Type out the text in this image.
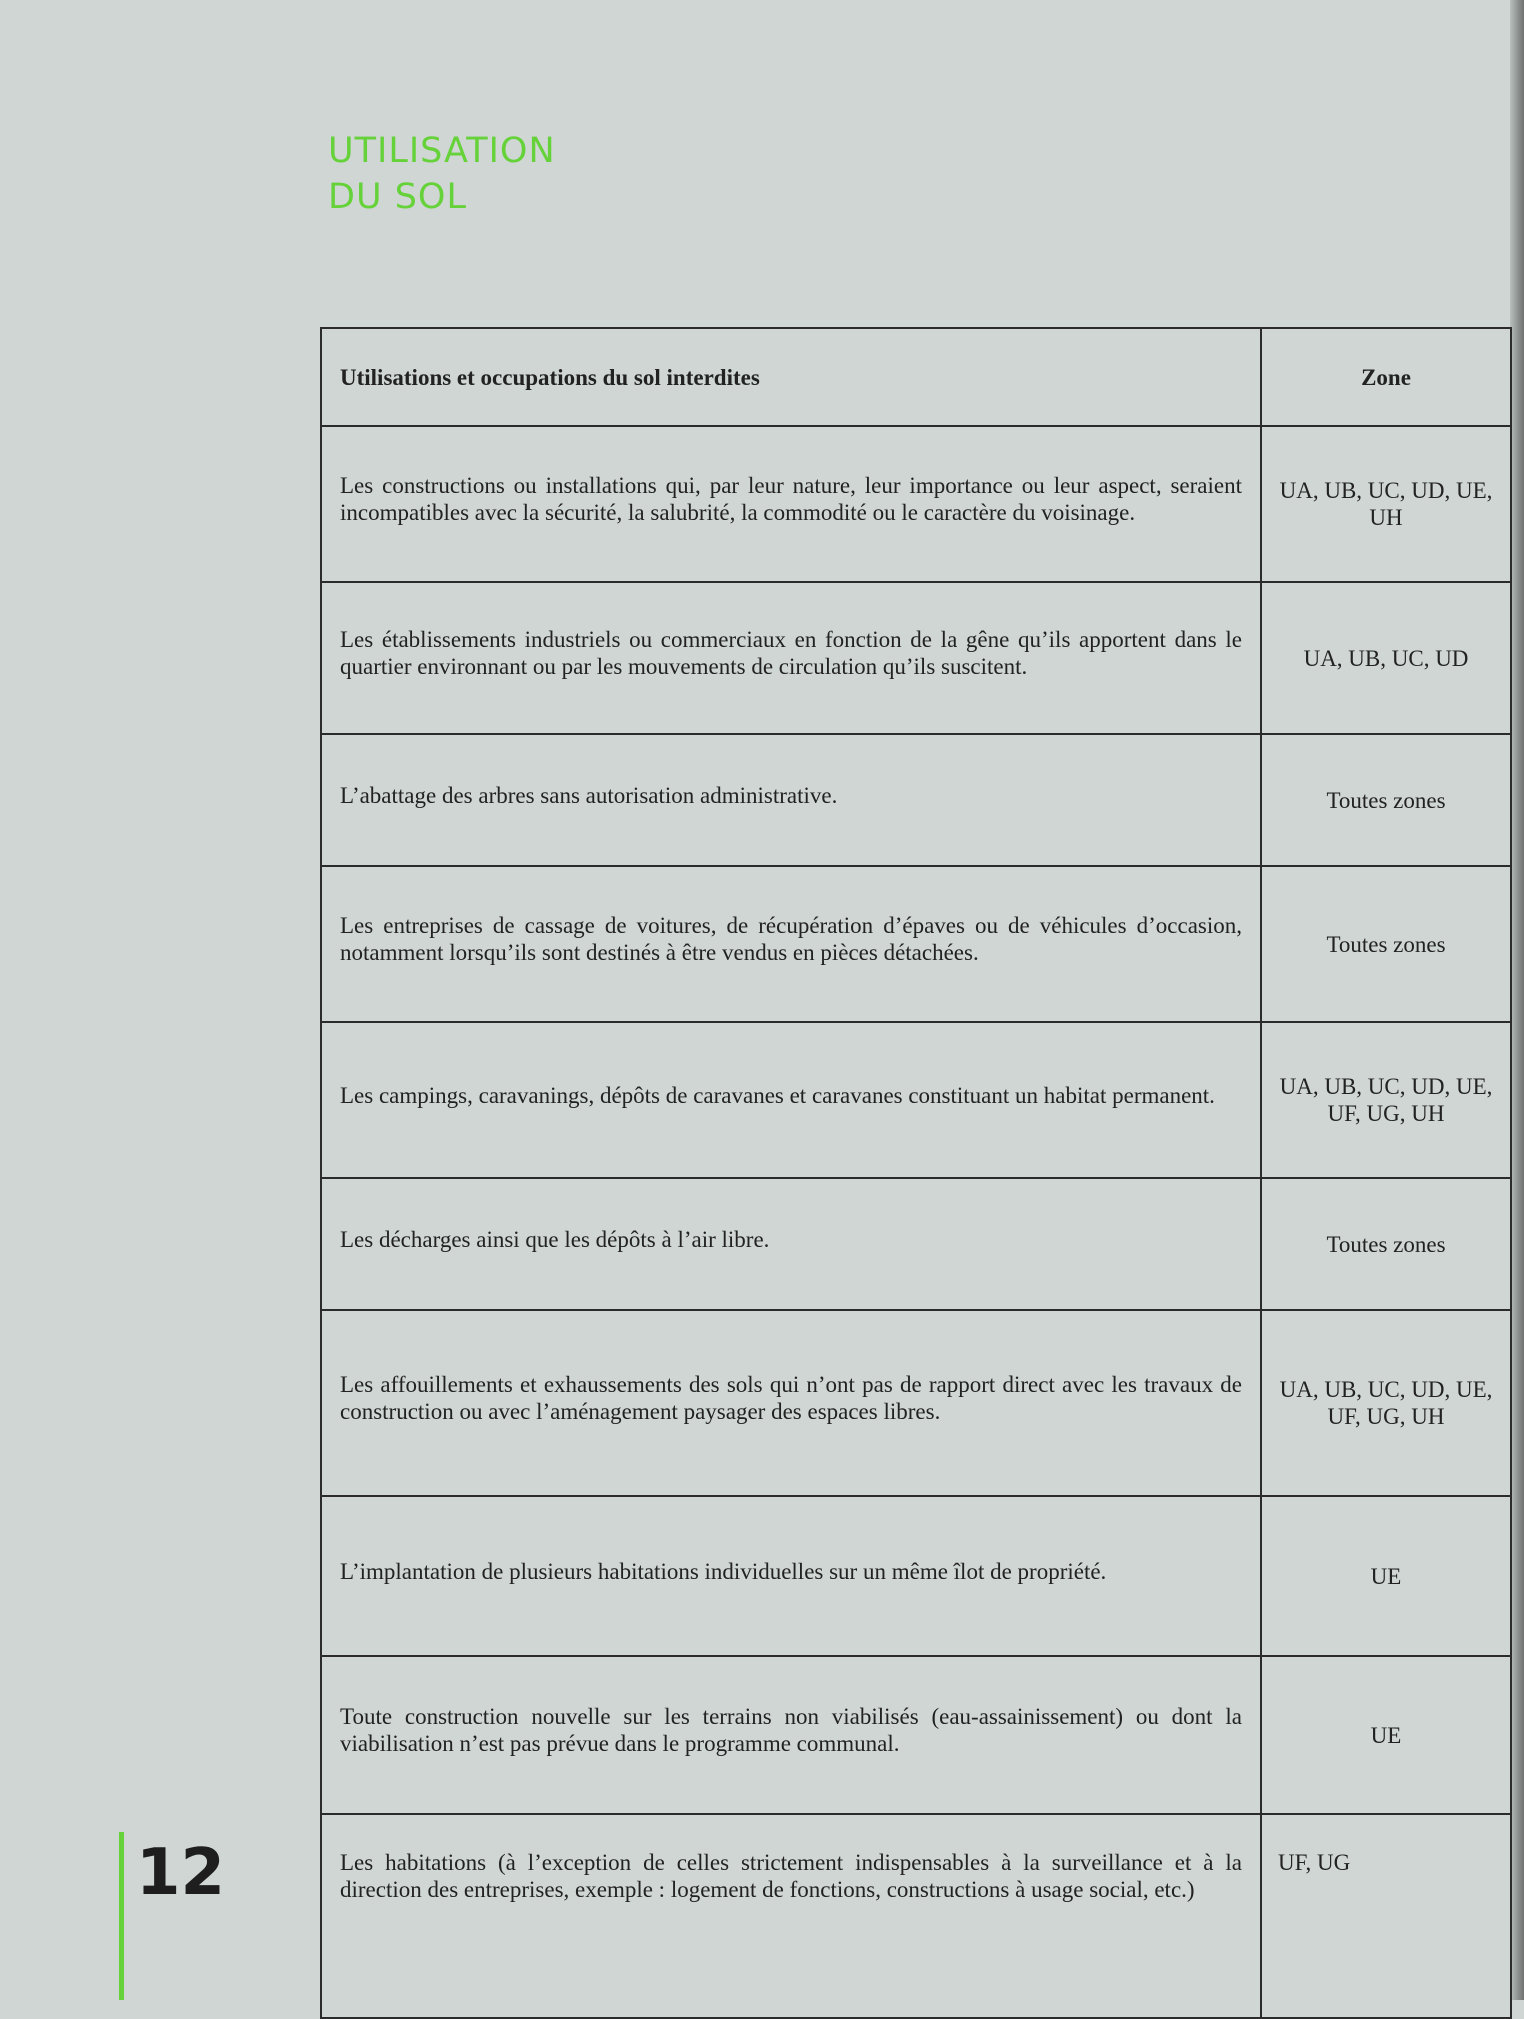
UTILISATION
DU SOL
Utilisations et occupations du sol interdites	Zone
Les constructions ou installations qui, par leur nature, leur importance ou leur aspect, seraient incompatibles avec la sécurité, la salubrité, la commodité ou le caractère du voisinage.	UA, UB, UC, UD, UE, UH
Les établissements industriels ou commerciaux en fonction de la gêne qu’ils apportent dans le quartier environnant ou par les mouvements de circulation qu’ils suscitent.	UA, UB, UC, UD
L’abattage des arbres sans autorisation administrative.	Toutes zones
Les entreprises de cassage de voitures, de récupération d’épaves ou de véhicules d’occasion, notamment lorsqu’ils sont destinés à être vendus en pièces détachées.	Toutes zones
Les campings, caravanings, dépôts de caravanes et caravanes constituant un habitat permanent.	UA, UB, UC, UD, UE, UF, UG, UH
Les décharges ainsi que les dépôts à l’air libre.	Toutes zones
Les affouillements et exhaussements des sols qui n’ont pas de rapport direct avec les travaux de construction ou avec l’aménagement paysager des espaces libres.	UA, UB, UC, UD, UE, UF, UG, UH
L’implantation de plusieurs habitations individuelles sur un même îlot de propriété.	UE
Toute construction nouvelle sur les terrains non viabilisés (eau-assainissement) ou dont la viabilisation n’est pas prévue dans le programme communal.	UE
Les habitations (à l’exception de celles strictement indispensables à la surveillance et à la direction des entreprises, exemple : logement de fonctions, constructions à usage social, etc.)	UF, UG
12
